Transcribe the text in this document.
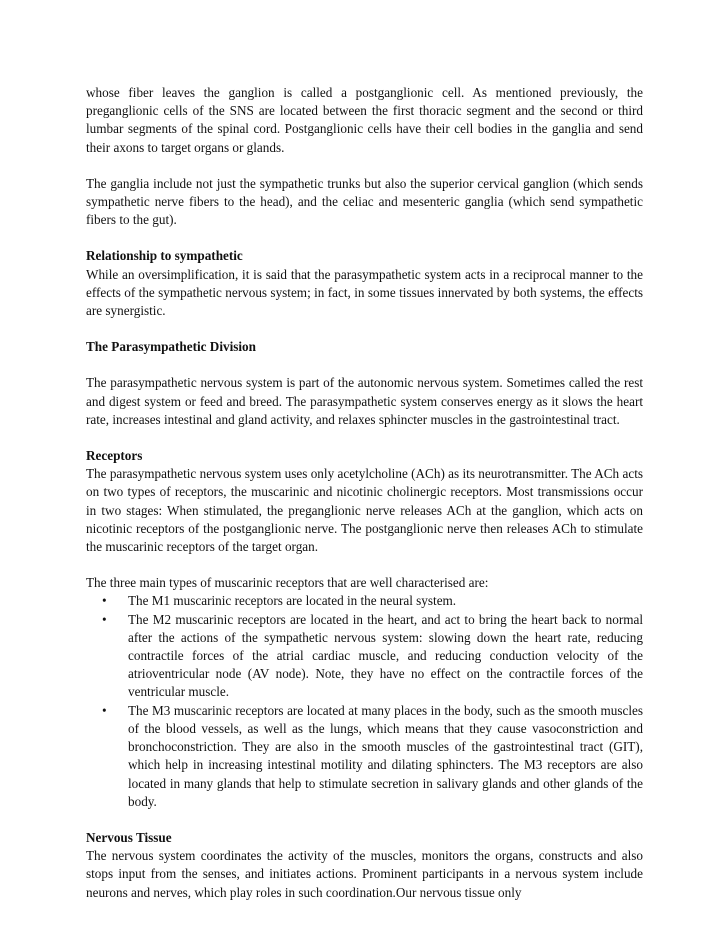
whose fiber leaves the ganglion is called a postganglionic cell. As mentioned previously, the preganglionic cells of the SNS are located between the first thoracic segment and the second or third lumbar segments of the spinal cord. Postganglionic cells have their cell bodies in the ganglia and send their axons to target organs or glands.

The ganglia include not just the sympathetic trunks but also the superior cervical ganglion (which sends sympathetic nerve fibers to the head), and the celiac and mesenteric ganglia (which send sympathetic fibers to the gut).

Relationship to sympathetic

While an oversimplification, it is said that the parasympathetic system acts in a reciprocal manner to the effects of the sympathetic nervous system; in fact, in some tissues innervated by both systems, the effects are synergistic.

The Parasympathetic Division

The parasympathetic nervous system is part of the autonomic nervous system. Sometimes called the rest and digest system or feed and breed. The parasympathetic system conserves energy as it slows the heart rate, increases intestinal and gland activity, and relaxes sphincter muscles in the gastrointestinal tract.

Receptors

The parasympathetic nervous system uses only acetylcholine (ACh) as its neurotransmitter. The ACh acts on two types of receptors, the muscarinic and nicotinic cholinergic receptors. Most transmissions occur in two stages: When stimulated, the preganglionic nerve releases ACh at the ganglion, which acts on nicotinic receptors of the postganglionic nerve. The postganglionic nerve then releases ACh to stimulate the muscarinic receptors of the target organ.

The three main types of muscarinic receptors that are well characterised are:

• The M1 muscarinic receptors are located in the neural system.
• The M2 muscarinic receptors are located in the heart, and act to bring the heart back to normal after the actions of the sympathetic nervous system: slowing down the heart rate, reducing contractile forces of the atrial cardiac muscle, and reducing conduction velocity of the atrioventricular node (AV node). Note, they have no effect on the contractile forces of the ventricular muscle.
• The M3 muscarinic receptors are located at many places in the body, such as the smooth muscles of the blood vessels, as well as the lungs, which means that they cause vasoconstriction and bronchoconstriction. They are also in the smooth muscles of the gastrointestinal tract (GIT), which help in increasing intestinal motility and dilating sphincters. The M3 receptors are also located in many glands that help to stimulate secretion in salivary glands and other glands of the body.

Nervous Tissue

The nervous system coordinates the activity of the muscles, monitors the organs, constructs and also stops input from the senses, and initiates actions. Prominent participants in a nervous system include neurons and nerves, which play roles in such coordination.Our nervous tissue only
